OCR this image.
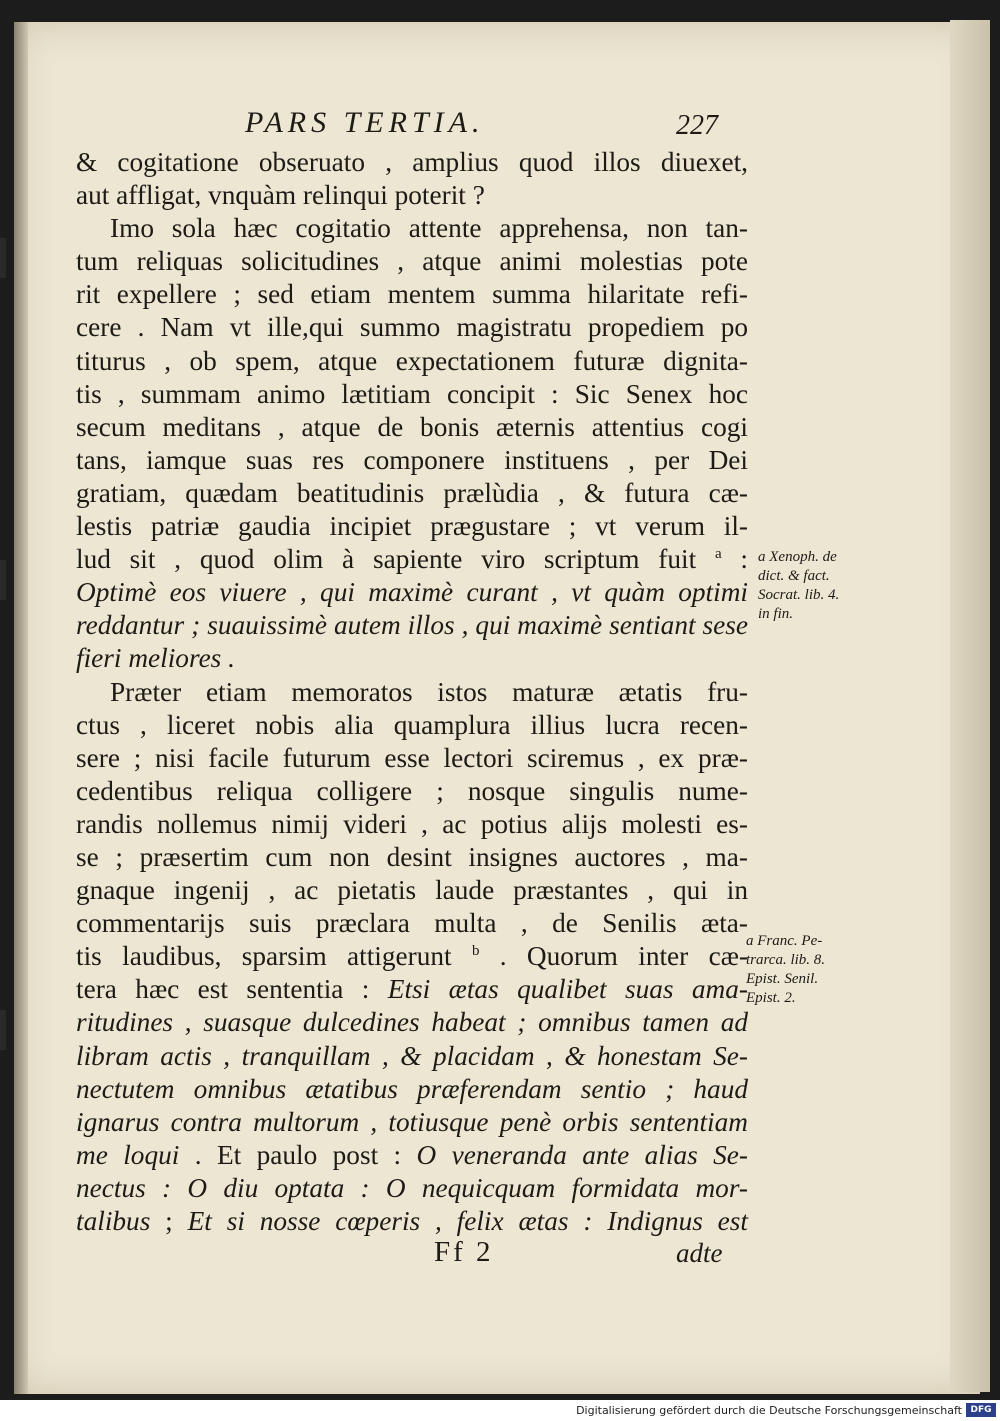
PARS TERTIA.	227
& cogitatione obseruato , amplius quod illos diuexet,
aut affligat, vnquàm relinqui poterit ?
Imo sola hæc cogitatio attente apprehensa, non tan-
tum reliquas solicitudines , atque animi molestias pote
rit expellere ; sed etiam mentem summa hilaritate refi-
cere . Nam vt ille,qui summo magistratu propediem po
titurus , ob spem, atque expectationem futuræ dignita-
tis , summam animo lætitiam concipit : Sic Senex hoc
secum meditans , atque de bonis æternis attentius cogi
tans, iamque suas res componere instituens , per Dei
gratiam, quædam beatitudinis prælùdia , & futura cæ-
lestis patriæ gaudia incipiet prægustare ; vt verum il-
lud sit , quod olim à sapiente viro scriptum fuit $^a$ :
Optimè eos viuere , qui maximè curant , vt quàm optimi
reddantur ; suauissimè autem illos , qui maximè sentiant sese
fieri meliores .
Præter etiam memoratos istos maturæ ætatis fru-
ctus , liceret nobis alia quamplura illius lucra recen-
sere ; nisi facile futurum esse lectori sciremus , ex præ-
cedentibus reliqua colligere ; nosque singulis nume-
randis nollemus nimij videri , ac potius alijs molesti es-
se ; præsertim cum non desint insignes auctores , ma-
gnaque ingenij , ac pietatis laude præstantes , qui in
commentarijs suis præclara multa , de Senilis æta-
tis laudibus, sparsim attigerunt $^b$ . Quorum inter cæ-
tera hæc est sententia : Etsi ætas qualibet suas ama-
ritudines , suasque dulcedines habeat ; omnibus tamen ad
libram actis , tranquillam , & placidam , & honestam Se-
nectutem omnibus ætatibus præferendam sentio ; haud
ignarus contra multorum , totiusque penè orbis sententiam
me loqui . Et paulo post : O veneranda ante alias Se-
nectus : O diu optata : O nequicquam formidata mor-
talibus ; Et si nosse cœperis , felix ætas : Indignus est
a Xenoph. de
dict. & fact.
Socrat. lib. 4.
in fin.
a Franc. Pe-
trarca. lib. 8.
Epist. Senil.
Epist. 2.
Ff 2	adte
Digitalisierung gefördert durch die Deutsche Forschungsgemeinschaft DFG
